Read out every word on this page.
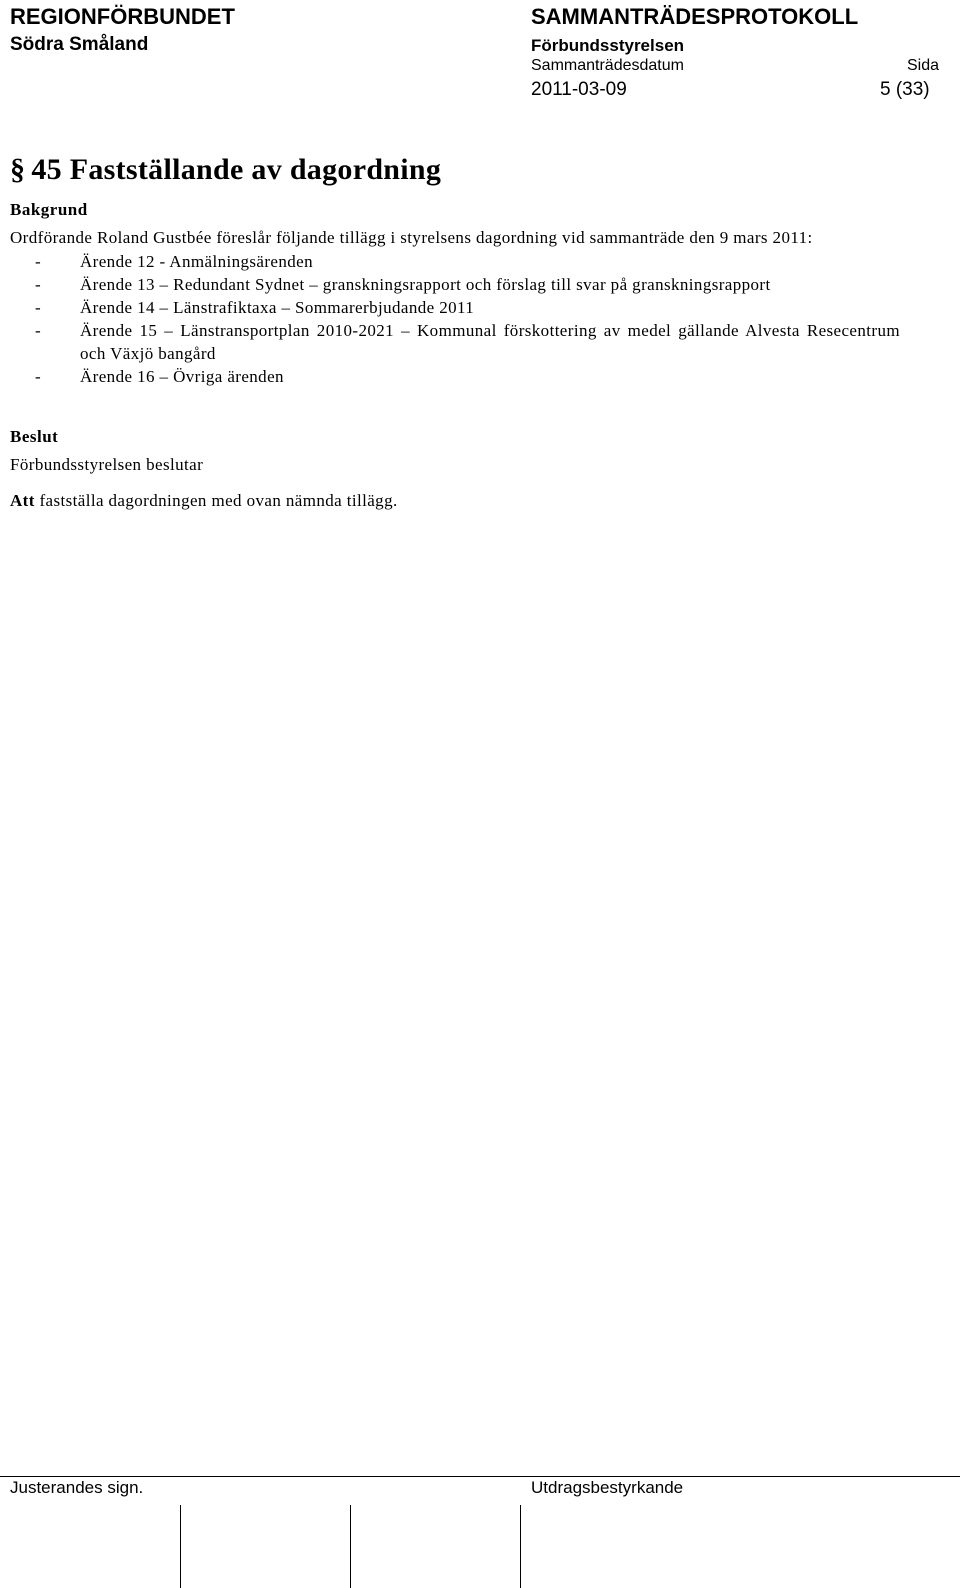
REGIONFÖRBUNDET
Södra Småland
SAMMANTRÄDESPROTOKOLL
Förbundsstyrelsen
Sammanträdesdatum	Sida
2011-03-09	5 (33)
§ 45 Fastställande av dagordning
Bakgrund

Ordförande Roland Gustbée föreslår följande tillägg i styrelsens dagordning vid sammanträde den 9 mars 2011:

- Ärende 12 - Anmälningsärenden
- Ärende 13 – Redundant Sydnet – granskningsrapport och förslag till svar på granskningsrapport
- Ärende 14 – Länstrafiktaxa – Sommarerbjudande 2011
- Ärende 15 – Länstransportplan 2010-2021 – Kommunal förskottering av medel gällande Alvesta Resecentrum och Växjö bangård
- Ärende 16 – Övriga ärenden
Beslut

Förbundsstyrelsen beslutar

Att fastställa dagordningen med ovan nämnda tillägg.

Justerandes sign.	Utdragsbestyrkande
